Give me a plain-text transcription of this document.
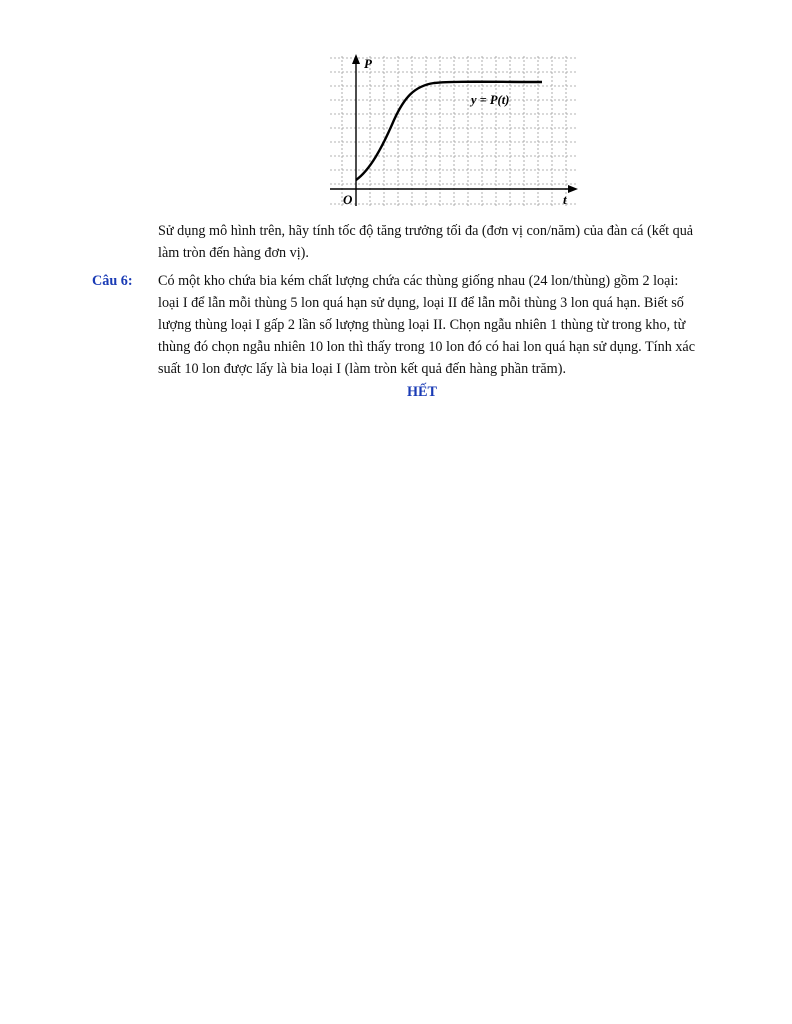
P
t
O
y = P(t)
Sử dụng mô hình trên, hãy tính tốc độ tăng trưởng tối đa (đơn vị con/năm) của đàn cá (kết quả
làm tròn đến hàng đơn vị).
Câu 6: Có một kho chứa bia kém chất lượng chứa các thùng giống nhau (24 lon/thùng) gồm 2 loại:
loại I để lẫn mỗi thùng 5 lon quá hạn sử dụng, loại II để lẫn mỗi thùng 3 lon quá hạn. Biết số
lượng thùng loại I gấp 2 lần số lượng thùng loại II. Chọn ngẫu nhiên 1 thùng từ trong kho, từ
thùng đó chọn ngẫu nhiên 10 lon thì thấy trong 10 lon đó có hai lon quá hạn sử dụng. Tính xác
suất 10 lon được lấy là bia loại I (làm tròn kết quả đến hàng phần trăm).
HẾT
